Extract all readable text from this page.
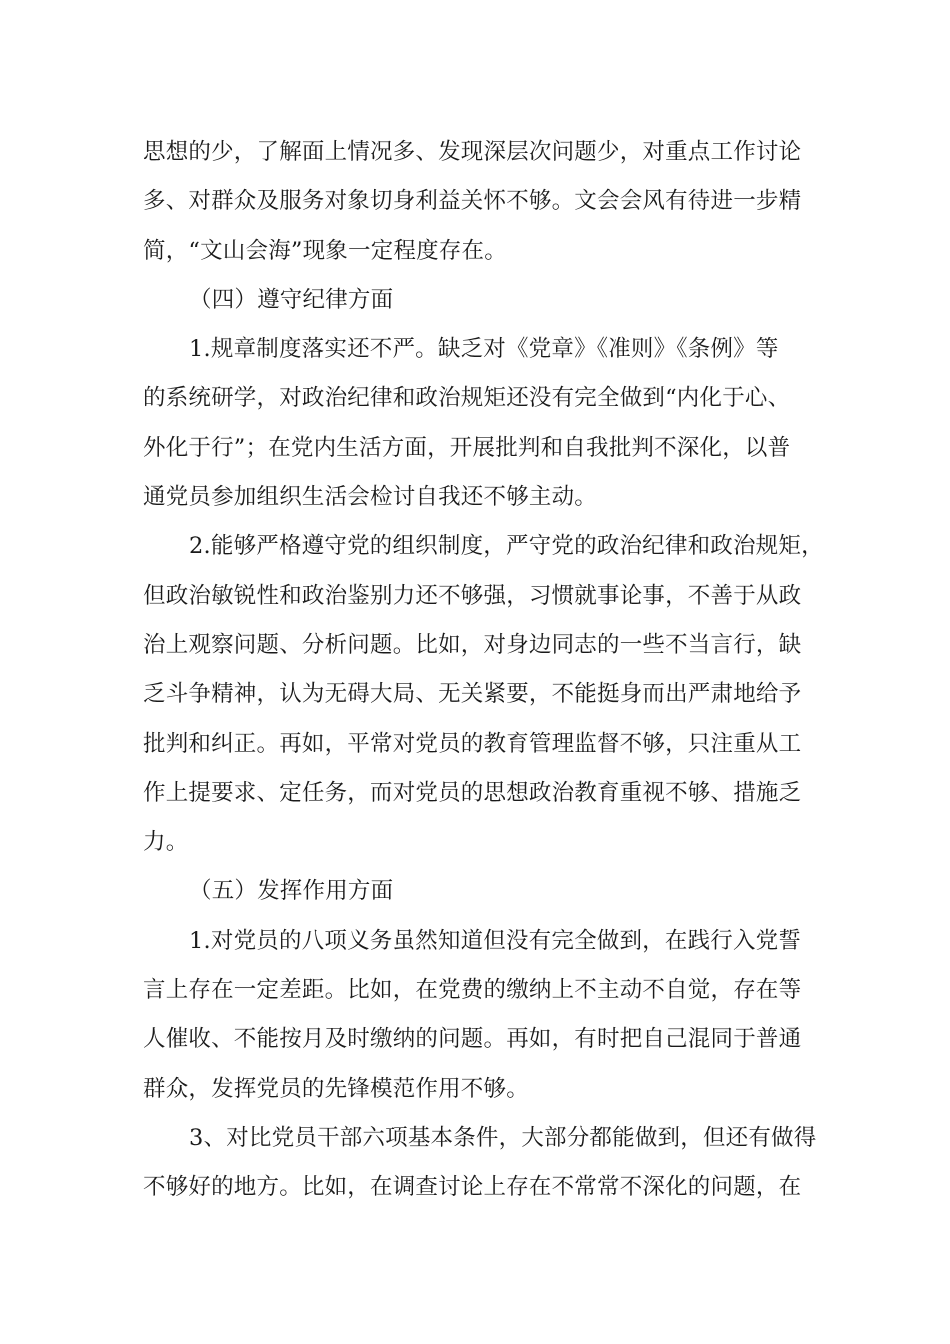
思想的少，了解面上情况多、发现深层次问题少，对重点工作讨论
多、对群众及服务对象切身利益关怀不够。文会会风有待进一步精
简，“文山会海”现象一定程度存在。
（四）遵守纪律方面
1.规章制度落实还不严。缺乏对《党章》《准则》《条例》等
的系统研学，对政治纪律和政治规矩还没有完全做到“内化于心、
外化于行”；在党内生活方面，开展批判和自我批判不深化，以普
通党员参加组织生活会检讨自我还不够主动。
2.能够严格遵守党的组织制度，严守党的政治纪律和政治规矩，
但政治敏锐性和政治鉴别力还不够强，习惯就事论事，不善于从政
治上观察问题、分析问题。比如，对身边同志的一些不当言行，缺
乏斗争精神，认为无碍大局、无关紧要，不能挺身而出严肃地给予
批判和纠正。再如，平常对党员的教育管理监督不够，只注重从工
作上提要求、定任务，而对党员的思想政治教育重视不够、措施乏
力。
（五）发挥作用方面
1.对党员的八项义务虽然知道但没有完全做到，在践行入党誓
言上存在一定差距。比如，在党费的缴纳上不主动不自觉，存在等
人催收、不能按月及时缴纳的问题。再如，有时把自己混同于普通
群众，发挥党员的先锋模范作用不够。
3、对比党员干部六项基本条件，大部分都能做到，但还有做得
不够好的地方。比如，在调查讨论上存在不常常不深化的问题，在
